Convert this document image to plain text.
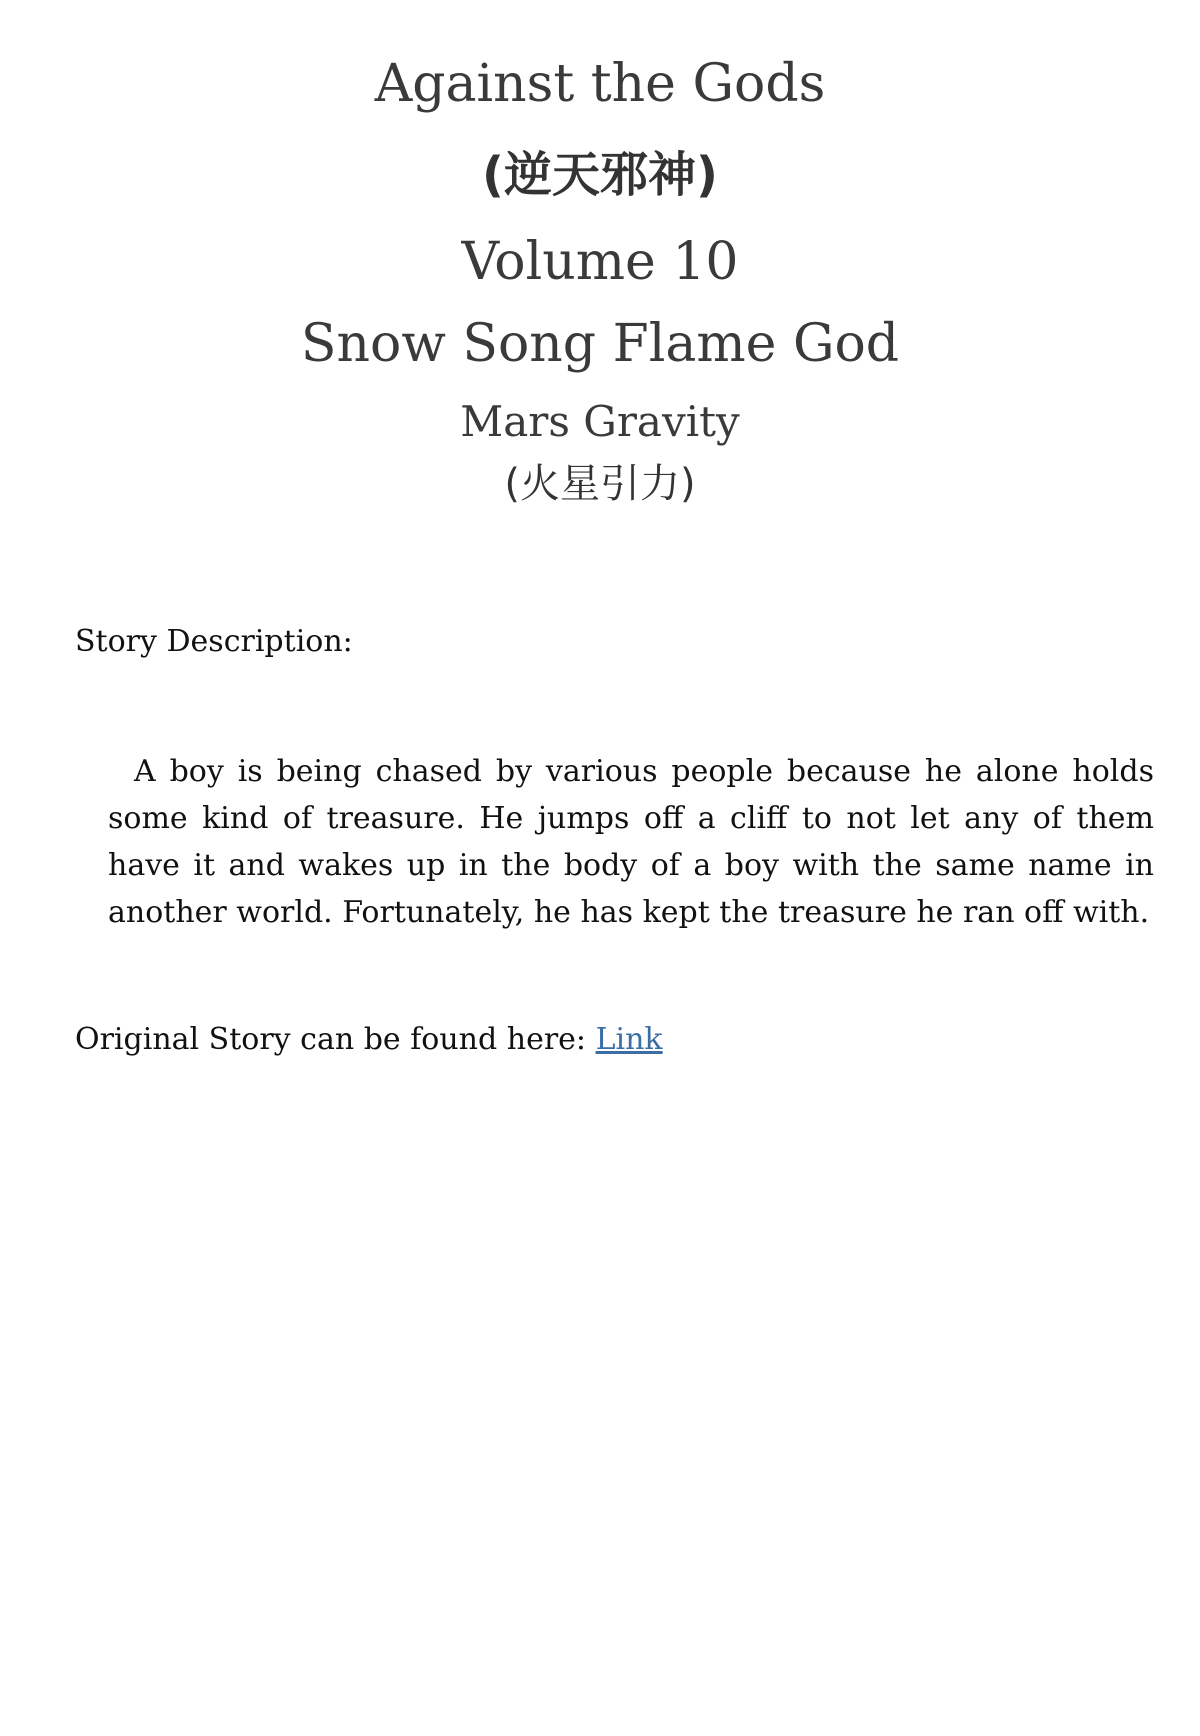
Against the Gods
(逆天邪神)
Volume 10
Snow Song Flame God
Mars Gravity
(火星引力)
Story Description:
A boy is being chased by various people because he alone holds some kind of treasure. He jumps off a cliff to not let any of them have it and wakes up in the body of a boy with the same name in another world. Fortunately, he has kept the treasure he ran off with.
Original Story can be found here: Link
